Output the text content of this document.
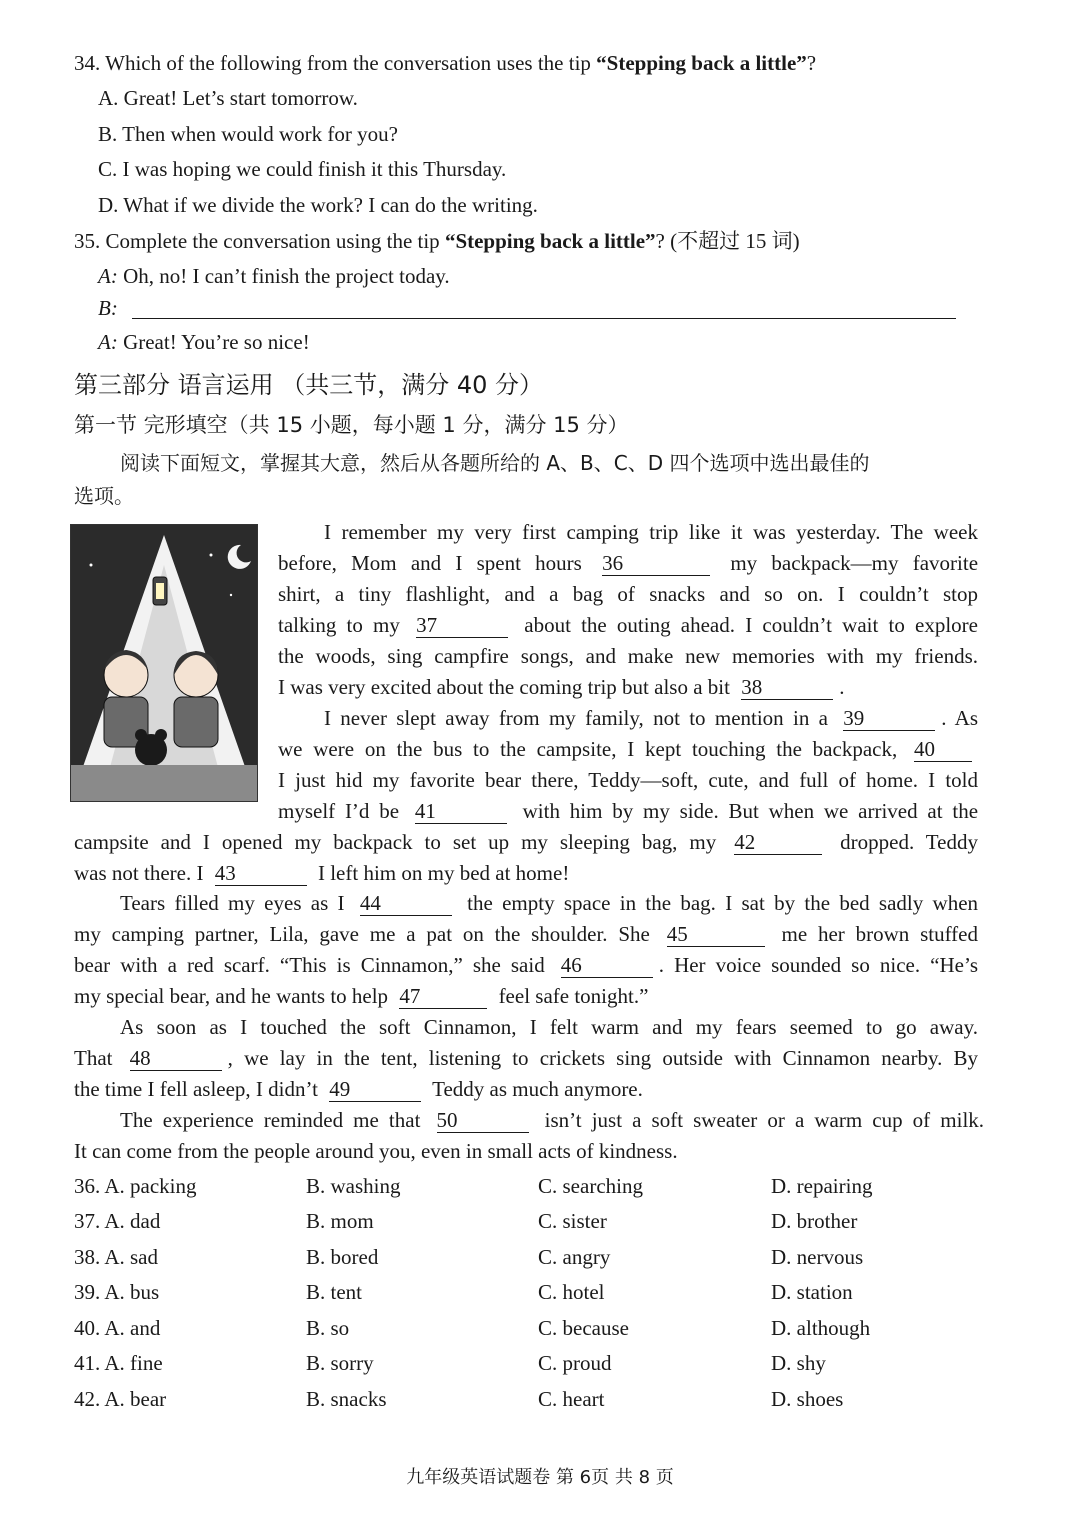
34. Which of the following from the conversation uses the tip “Stepping back a little”?
A. Great! Let’s start tomorrow.
B. Then when would work for you?
C. I was hoping we could finish it this Thursday.
D. What if we divide the work? I can do the writing.
35. Complete the conversation using the tip “Stepping back a little”? (不超过 15 词)
A: Oh, no! I can’t finish the project today.
B:
A: Great! You’re so nice!
第三部分 语言运用 （共三节，满分 40 分）
第一节 完形填空（共 15 小题，每小题 1 分，满分 15 分）
阅读下面短文，掌握其大意，然后从各题所给的 A、B、C、D 四个选项中选出最佳的
选项。
I remember my very first camping trip like it was yesterday. The week
before, Mom and I spent hours 36	my backpack—my favorite
shirt, a tiny flashlight, and a bag of snacks and so on. I couldn’t stop
talking to my 37	about the outing ahead. I couldn’t wait to explore
the woods, sing campfire songs, and make new memories with my friends.
I was very excited about the coming trip but also a bit 38	.
I never slept away from my family, not to mention in a 39	. As
we were on the bus to the campsite, I kept touching the backpack, 40
I just hid my favorite bear there, Teddy—soft, cute, and full of home. I told
myself I’d be 41	with him by my side. But when we arrived at the
campsite and I opened my backpack to set up my sleeping bag, my 42	dropped. Teddy
was not there. I 43	I left him on my bed at home!
Tears filled my eyes as I 44	the empty space in the bag. I sat by the bed sadly when
my camping partner, Lila, gave me a pat on the shoulder. She 45	me her brown stuffed
bear with a red scarf. “This is Cinnamon,” she said 46	. Her voice sounded so nice. “He’s
my special bear, and he wants to help 47	feel safe tonight.”
As soon as I touched the soft Cinnamon, I felt warm and my fears seemed to go away.
That 48	, we lay in the tent, listening to crickets sing outside with Cinnamon nearby. By
the time I fell asleep, I didn’t 49	Teddy as much anymore.
The experience reminded me that 50	isn’t just a soft sweater or a warm cup of milk.
It can come from the people around you, even in small acts of kindness.
36. A. packing	B. washing	C. searching	D. repairing
37. A. dad	B. mom	C. sister	D. brother
38. A. sad	B. bored	C. angry	D. nervous
39. A. bus	B. tent	C. hotel	D. station
40. A. and	B. so	C. because	D. although
41. A. fine	B. sorry	C. proud	D. shy
42. A. bear	B. snacks	C. heart	D. shoes
九年级英语试题卷 第 6页 共 8 页
